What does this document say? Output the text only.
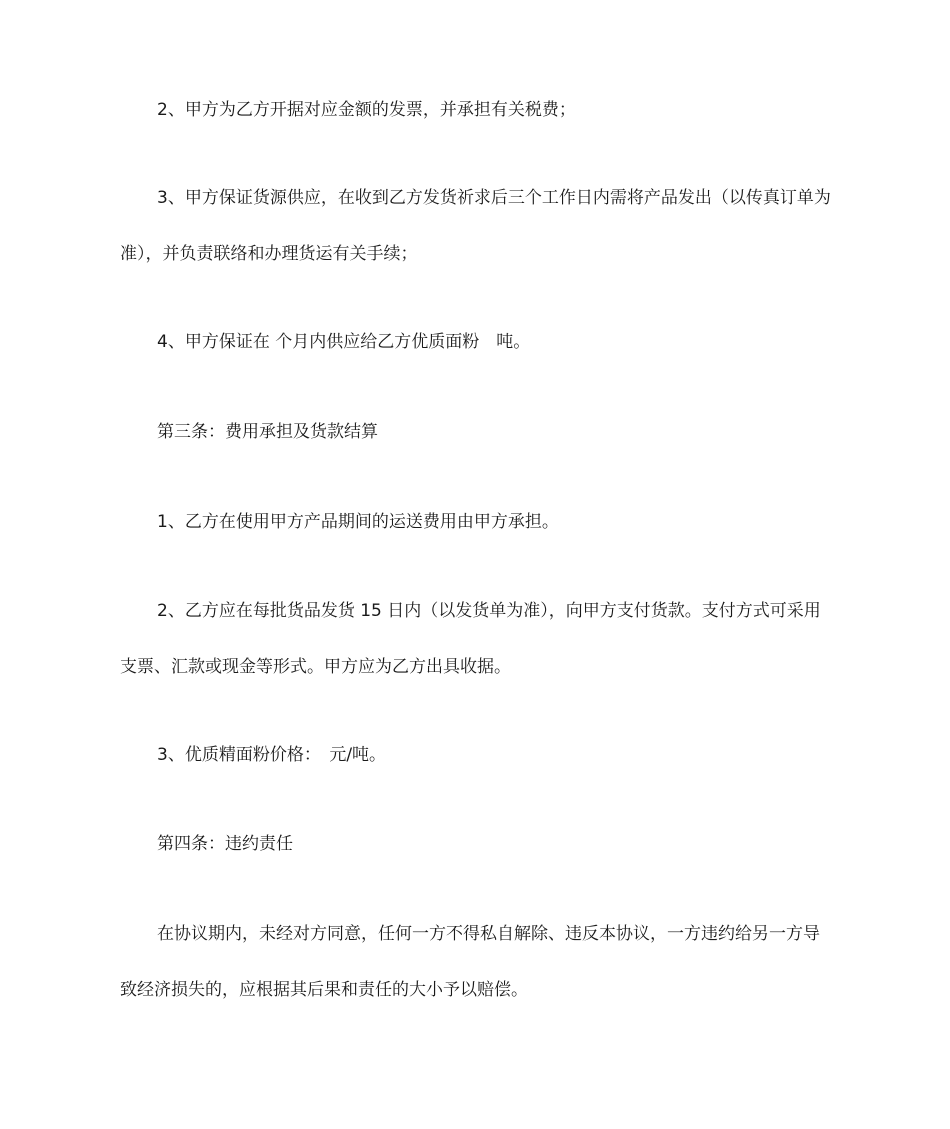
2、甲方为乙方开据对应金额的发票，并承担有关税费；

3、甲方保证货源供应，在收到乙方发货祈求后三个工作日内需将产品发出（以传真订单为准），并负责联络和办理货运有关手续；

4、甲方保证在 个月内供应给乙方优质面粉　吨。

第三条：费用承担及货款结算

1、乙方在使用甲方产品期间的运送费用由甲方承担。

2、乙方应在每批货品发货 15 日内（以发货单为准），向甲方支付货款。支付方式可采用支票、汇款或现金等形式。甲方应为乙方出具收据。

3、优质精面粉价格：　元/吨。

第四条：违约责任

在协议期内，未经对方同意，任何一方不得私自解除、违反本协议，一方违约给另一方导致经济损失的，应根据其后果和责任的大小予以赔偿。
